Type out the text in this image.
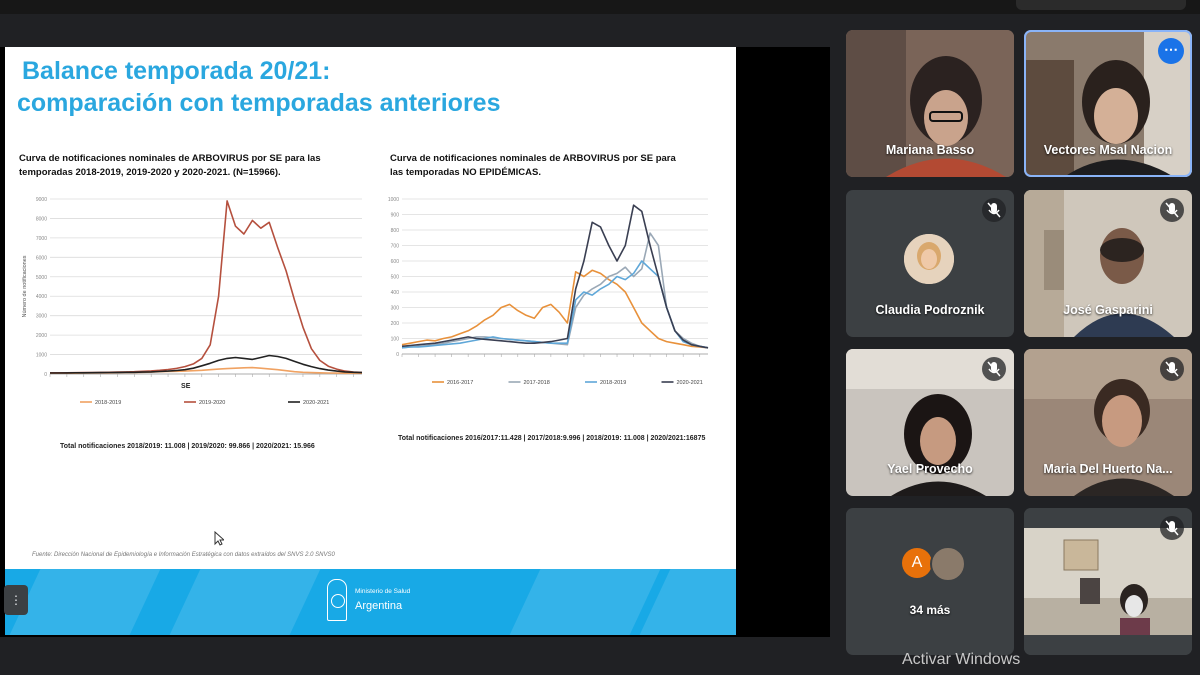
Balance temporada 20/21:
comparación con temporadas anteriores
Curva de notificaciones nominales de ARBOVIRUS por SE para las temporadas 2018-2019, 2019-2020 y 2020-2021. (N=15966).
Curva de notificaciones nominales de ARBOVIRUS por SE para las temporadas NO EPIDÉMICAS.
0
1000
2000
3000
4000
5000
6000
7000
8000
9000
2018-2019	2019-2020	2020-2021
Número de notificaciones
SE
0
100
200
300
400
500
600
700
800
900
1000
2016-2017	2017-2018	2018-2019	2020-2021
Total notificaciones 2018/2019: 11.008 | 2019/2020: 99.866 | 2020/2021: 15.966
Total notificaciones 2016/2017:11.428 | 2017/2018:9.996 | 2018/2019: 11.008 | 2020/2021:16875
Fuente: Dirección Nacional de Epidemiología e Información Estratégica con datos extraídos del SNVS 2.0 SNVS0
Ministerio de Salud
Argentina
⋮
Mariana Basso
⋯
Vectores Msal Nacion
Claudia Podroznik	José Gasparini
Yael Provecho	Maria Del Huerto Na...
A
34 más
Activar Windows
